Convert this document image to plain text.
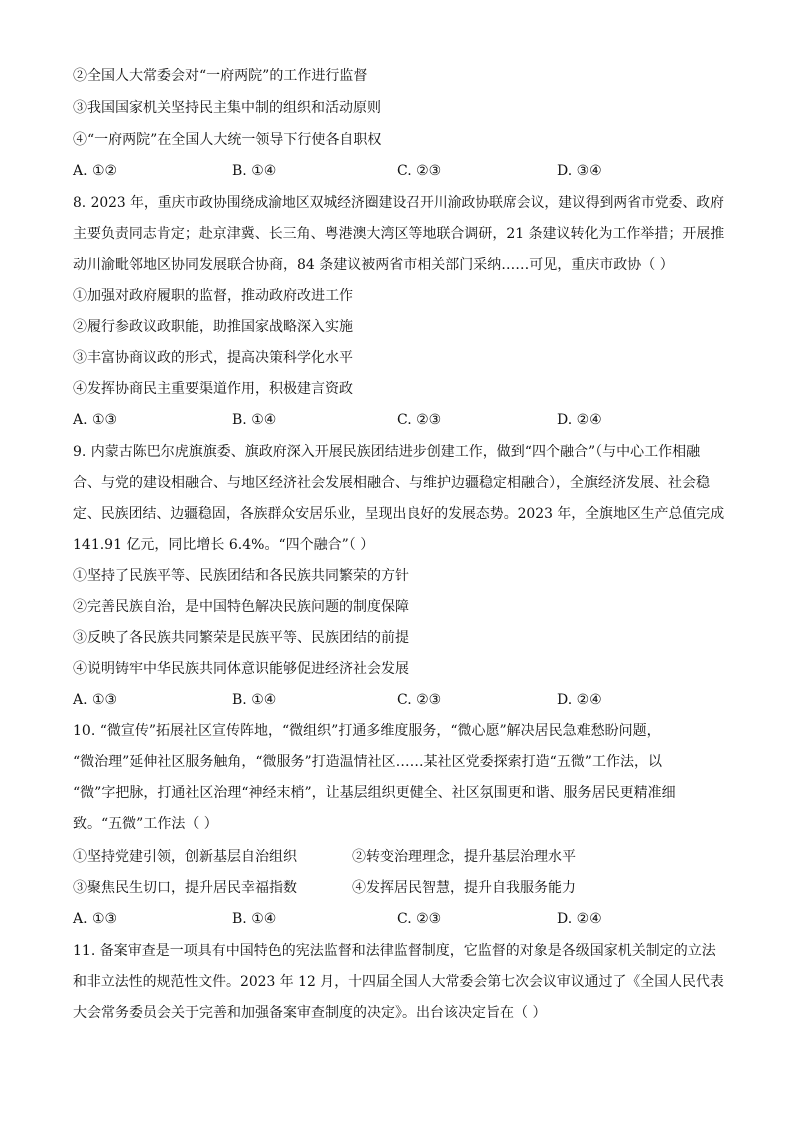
②全国人大常委会对“一府两院”的工作进行监督
③我国国家机关坚持民主集中制的组织和活动原则
④“一府两院”在全国人大统一领导下行使各自职权
A. ①②	B. ①④	C. ②③	D. ③④
8. 2023 年，重庆市政协围绕成渝地区双城经济圈建设召开川渝政协联席会议，建议得到两省市党委、政府
主要负责同志肯定；赴京津冀、长三角、粤港澳大湾区等地联合调研，21 条建议转化为工作举措；开展推
动川渝毗邻地区协同发展联合协商，84 条建议被两省市相关部门采纳……可见，重庆市政协（ ）
①加强对政府履职的监督，推动政府改进工作
②履行参政议政职能，助推国家战略深入实施
③丰富协商议政的形式，提高决策科学化水平
④发挥协商民主重要渠道作用，积极建言资政
A. ①③	B. ①④	C. ②③	D. ②④
9. 内蒙古陈巴尔虎旗旗委、旗政府深入开展民族团结进步创建工作，做到“四个融合”（与中心工作相融
合、与党的建设相融合、与地区经济社会发展相融合、与维护边疆稳定相融合），全旗经济发展、社会稳
定、民族团结、边疆稳固，各族群众安居乐业，呈现出良好的发展态势。2023 年，全旗地区生产总值完成
141.91 亿元，同比增长 6.4%。“四个融合”（ ）
①坚持了民族平等、民族团结和各民族共同繁荣的方针
②完善民族自治，是中国特色解决民族问题的制度保障
③反映了各民族共同繁荣是民族平等、民族团结的前提
④说明铸牢中华民族共同体意识能够促进经济社会发展
A. ①③	B. ①④	C. ②③	D. ②④
10. “微宣传”拓展社区宣传阵地，“微组织”打通多维度服务，“微心愿”解决居民急难愁盼问题，
“微治理”延伸社区服务触角，“微服务”打造温情社区……某社区党委探索打造“五微”工作法，以
“微”字把脉，打通社区治理“神经末梢”，让基层组织更健全、社区氛围更和谐、服务居民更精准细
致。“五微”工作法（ ）
①坚持党建引领，创新基层自治组织	②转变治理理念，提升基层治理水平
③聚焦民生切口，提升居民幸福指数	④发挥居民智慧，提升自我服务能力
A. ①③	B. ①④	C. ②③	D. ②④
11. 备案审查是一项具有中国特色的宪法监督和法律监督制度，它监督的对象是各级国家机关制定的立法
和非立法性的规范性文件。2023 年 12 月，十四届全国人大常委会第七次会议审议通过了《全国人民代表
大会常务委员会关于完善和加强备案审查制度的决定》。出台该决定旨在（ ）
